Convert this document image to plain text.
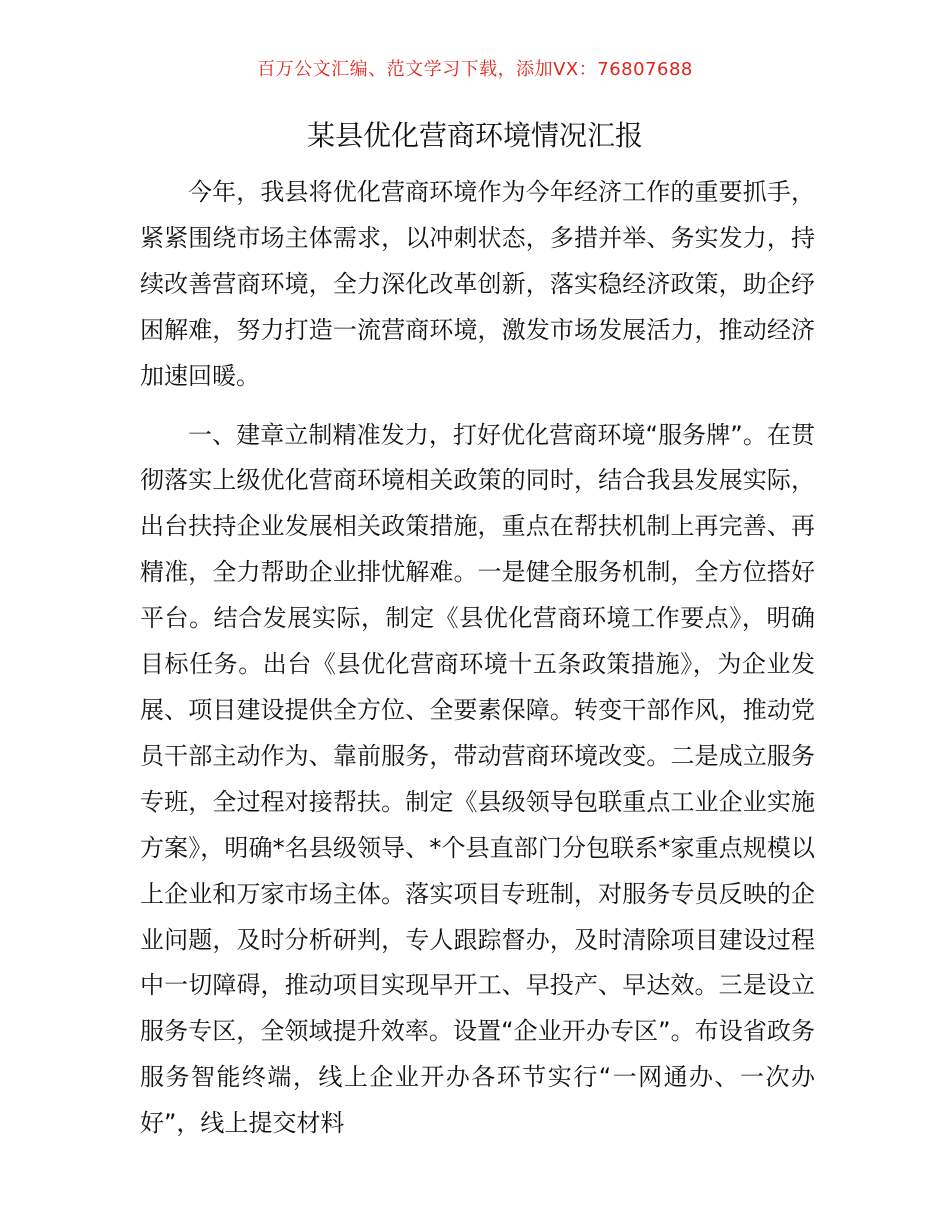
百万公文汇编、范文学习下载，添加VX：76807688
某县优化营商环境情况汇报

今年，我县将优化营商环境作为今年经济工作的重要抓手，紧紧围绕市场主体需求，以冲刺状态，多措并举、务实发力，持续改善营商环境，全力深化改革创新，落实稳经济政策，助企纾困解难，努力打造一流营商环境，激发市场发展活力，推动经济加速回暖。

一、建章立制精准发力，打好优化营商环境“服务牌”。在贯彻落实上级优化营商环境相关政策的同时，结合我县发展实际，出台扶持企业发展相关政策措施，重点在帮扶机制上再完善、再精准，全力帮助企业排忧解难。一是健全服务机制，全方位搭好平台。结合发展实际，制定《县优化营商环境工作要点》，明确目标任务。出台《县优化营商环境十五条政策措施》，为企业发展、项目建设提供全方位、全要素保障。转变干部作风，推动党员干部主动作为、靠前服务，带动营商环境改变。二是成立服务专班，全过程对接帮扶。制定《县级领导包联重点工业企业实施方案》，明确*名县级领导、*个县直部门分包联系*家重点规模以上企业和万家市场主体。落实项目专班制，对服务专员反映的企业问题，及时分析研判，专人跟踪督办，及时清除项目建设过程中一切障碍，推动项目实现早开工、早投产、早达效。三是设立服务专区，全领域提升效率。设置“企业开办专区”。布设省政务服务智能终端，线上企业开办各环节实行“一网通办、一次办好”，线上提交材料
